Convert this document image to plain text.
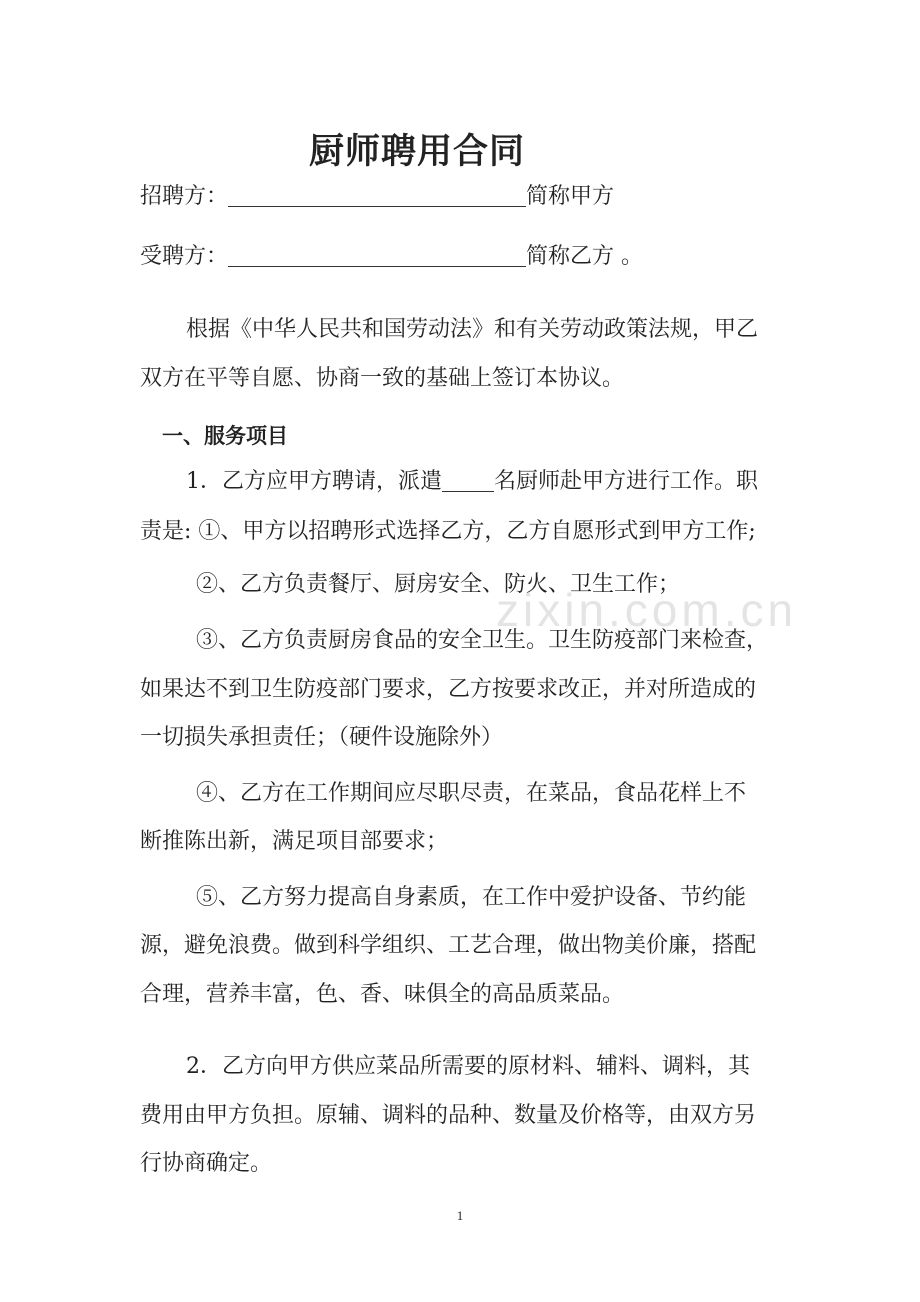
zixin.com.cn
厨师聘用合同
招聘方：	简称甲方
受聘方：	简称乙方 。
根据《中华人民共和国劳动法》和有关劳动政策法规，甲乙
双方在平等自愿、协商一致的基础上签订本协议。
一、服务项目
1．乙方应甲方聘请，派遣 名厨师赴甲方进行工作。职
责是: ①、甲方以招聘形式选择乙方，乙方自愿形式到甲方工作;
②、乙方负责餐厅、厨房安全、防火、卫生工作；
③、乙方负责厨房食品的安全卫生。卫生防疫部门来检查，
如果达不到卫生防疫部门要求，乙方按要求改正，并对所造成的
一切损失承担责任；（硬件设施除外）
④、乙方在工作期间应尽职尽责，在菜品，食品花样上不
断推陈出新，满足项目部要求；
⑤、乙方努力提高自身素质，在工作中爱护设备、节约能
源，避免浪费。做到科学组织、工艺合理，做出物美价廉，搭配
合理，营养丰富，色、香、味俱全的高品质菜品。
2．乙方向甲方供应菜品所需要的原材料、辅料、调料，其
费用由甲方负担。原辅、调料的品种、数量及价格等，由双方另
行协商确定。
1
